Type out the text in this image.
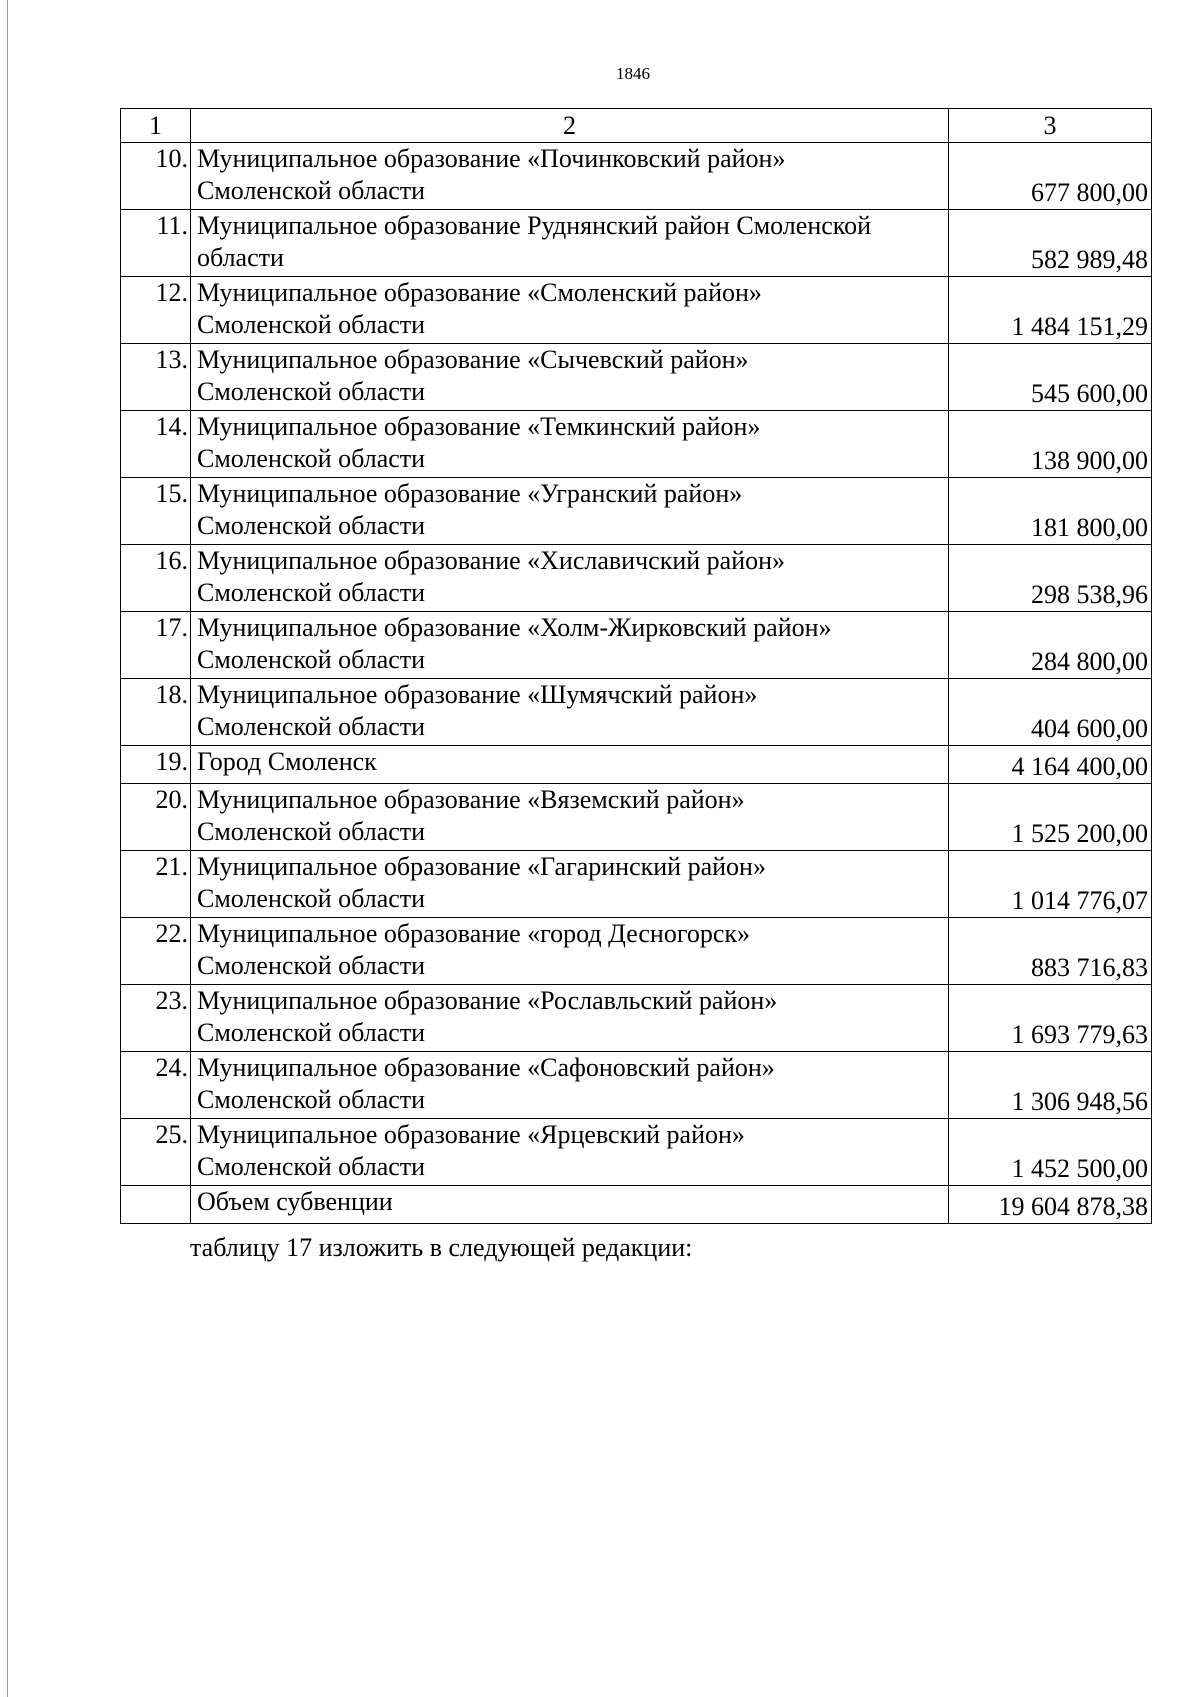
1846
1	2	3
10.	Муниципальное образование «Починковский район»
Смоленской области	677 800,00
11.	Муниципальное образование Руднянский район Смоленской
области	582 989,48
12.	Муниципальное образование «Смоленский район»
Смоленской области	1 484 151,29
13.	Муниципальное образование «Сычевский район»
Смоленской области	545 600,00
14.	Муниципальное образование «Темкинский район»
Смоленской области	138 900,00
15.	Муниципальное образование «Угранский район»
Смоленской области	181 800,00
16.	Муниципальное образование «Хиславичский район»
Смоленской области	298 538,96
17.	Муниципальное образование «Холм-Жирковский район»
Смоленской области	284 800,00
18.	Муниципальное образование «Шумячский район»
Смоленской области	404 600,00
19.	Город Смоленск	4 164 400,00
20.	Муниципальное образование «Вяземский район»
Смоленской области	1 525 200,00
21.	Муниципальное образование «Гагаринский район»
Смоленской области	1 014 776,07
22.	Муниципальное образование «город Десногорск»
Смоленской области	883 716,83
23.	Муниципальное образование «Рославльский район»
Смоленской области	1 693 779,63
24.	Муниципальное образование «Сафоновский район»
Смоленской области	1 306 948,56
25.	Муниципальное образование «Ярцевский район»
Смоленской области	1 452 500,00
	Объем субвенции	19 604 878,38
таблицу 17 изложить в следующей редакции:
